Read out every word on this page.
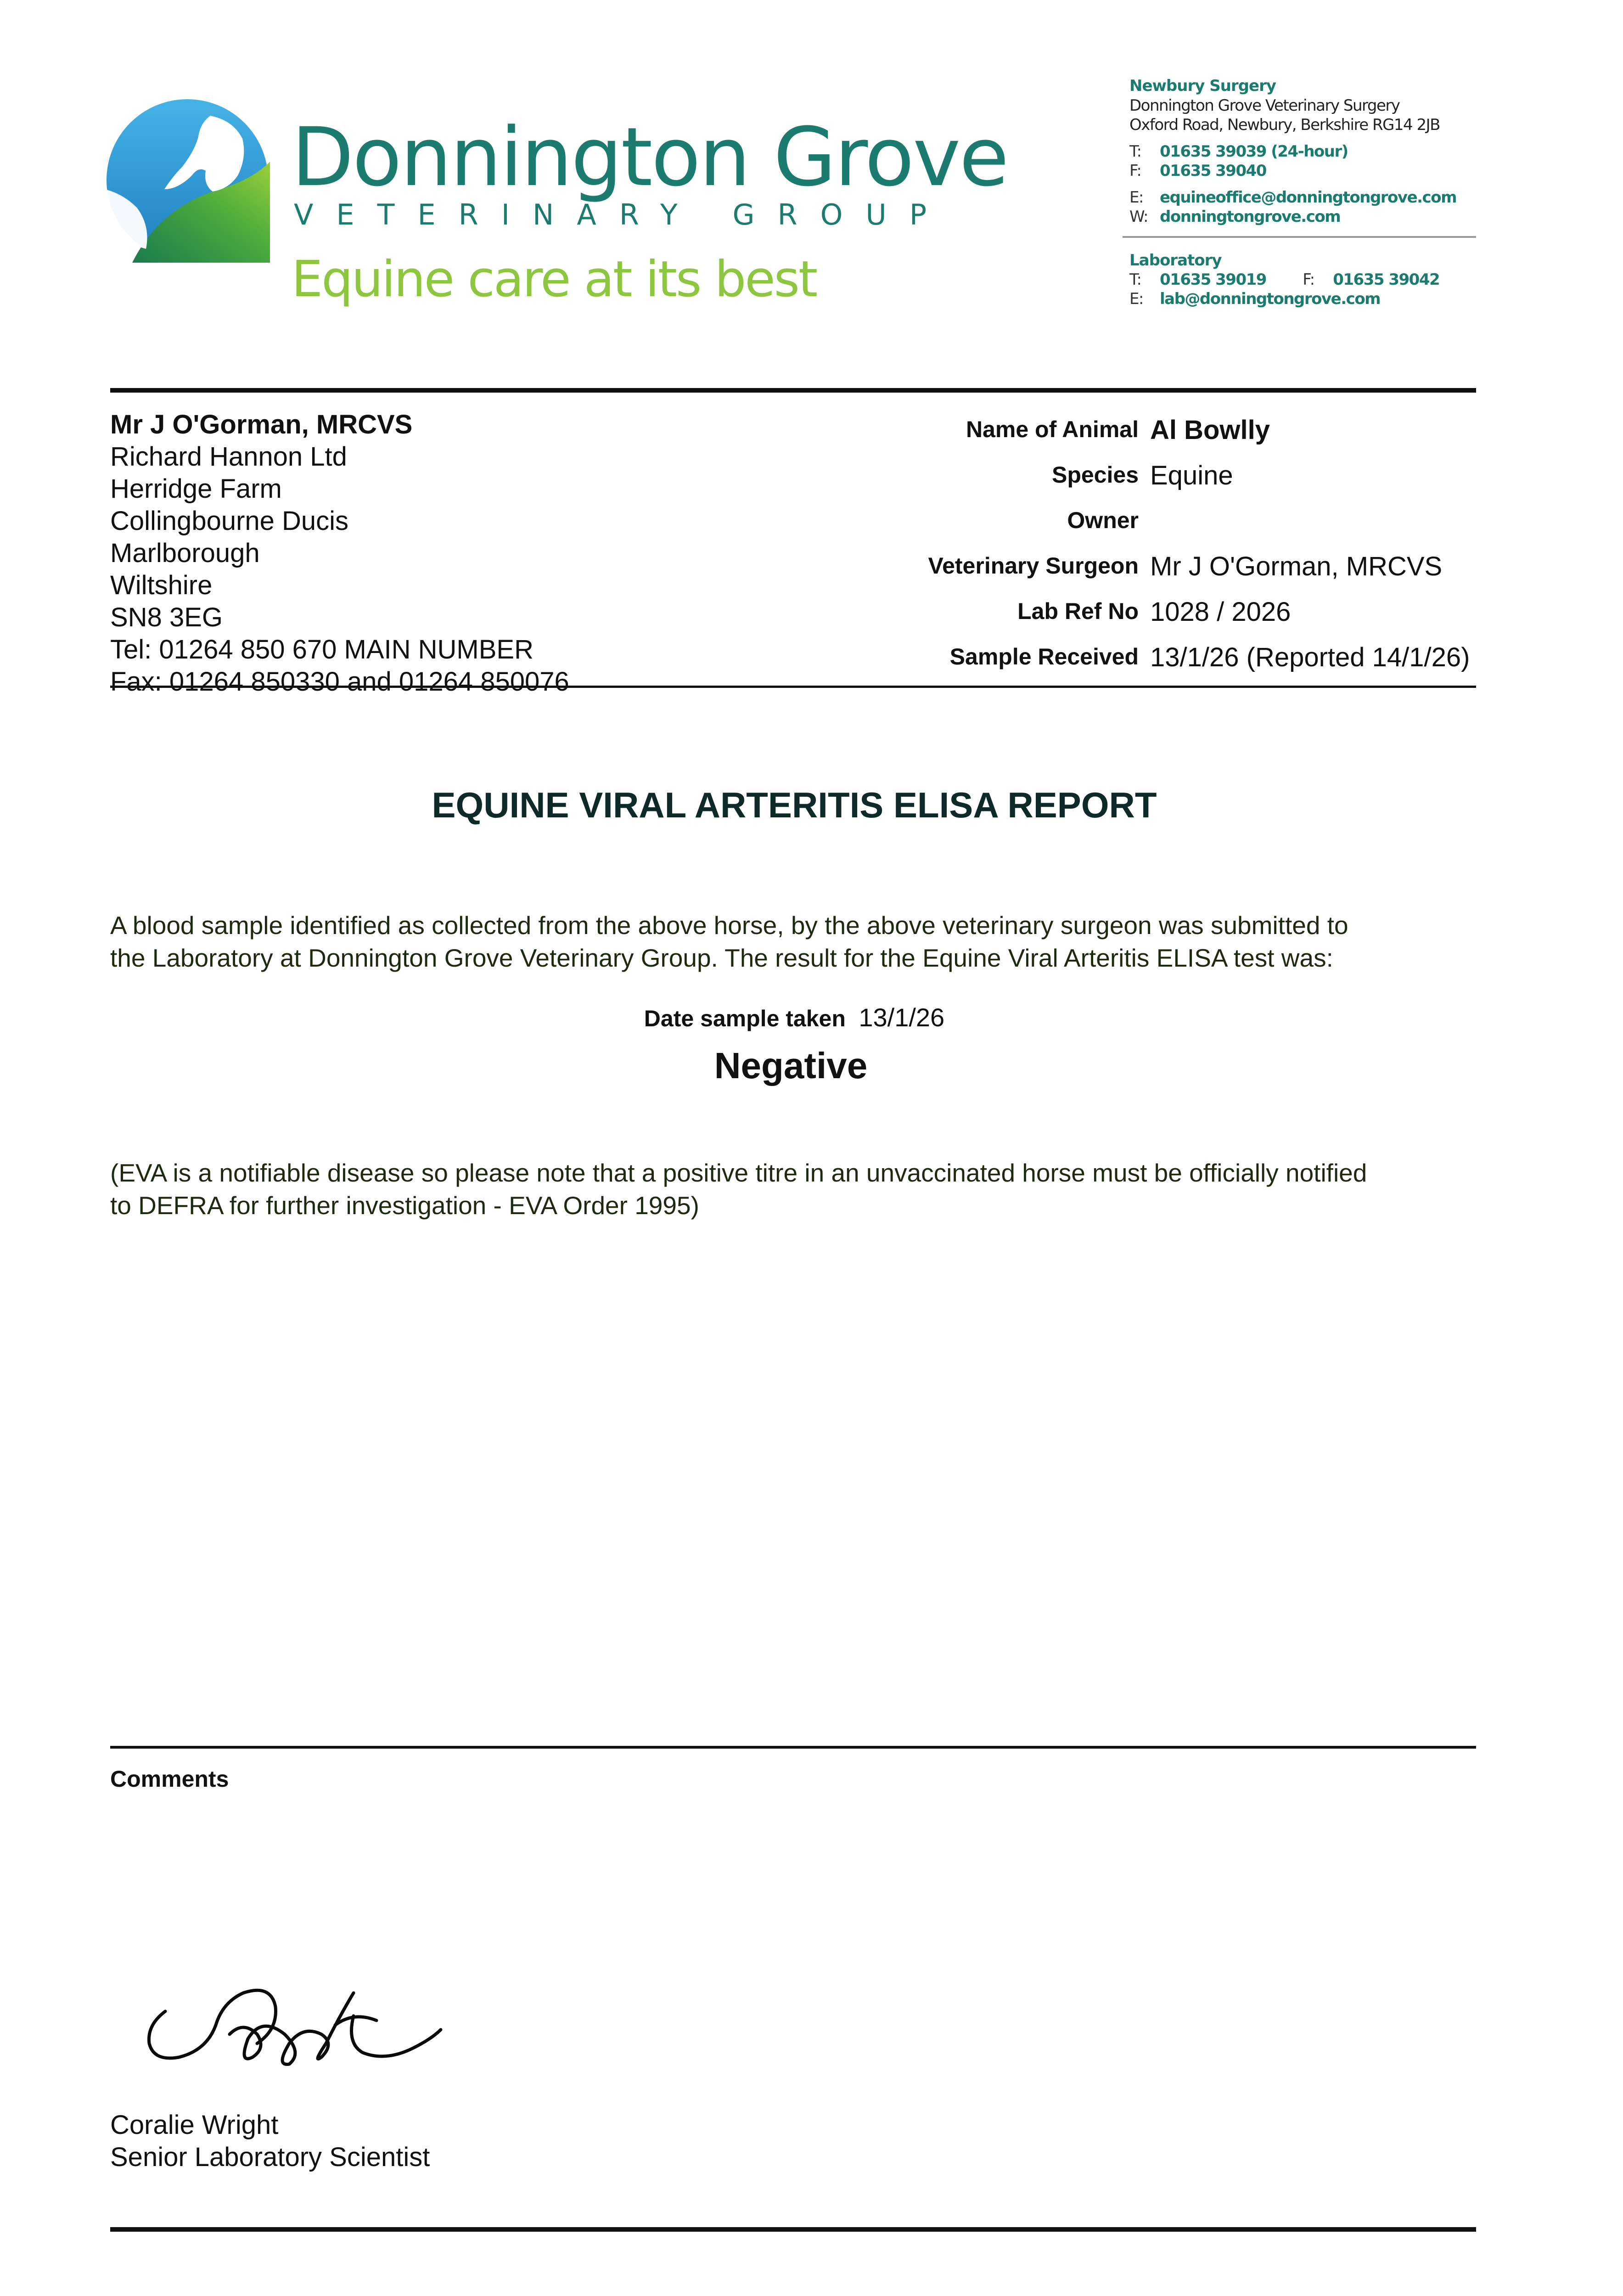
Donnington Grove
VETERINARY GROUP
Equine care at its best
Newbury Surgery
Donnington Grove Veterinary Surgery
Oxford Road, Newbury, Berkshire RG14 2JB
T: 01635 39039 (24-hour)
F: 01635 39040
E: equineoffice@donningtongrove.com
W: donningtongrove.com
Laboratory
T: 01635 39019 F: 01635 39042
E: lab@donningtongrove.com
Mr J O'Gorman, MRCVS
Richard Hannon Ltd
Herridge Farm
Collingbourne Ducis
Marlborough
Wiltshire
SN8 3EG
Tel: 01264 850 670 MAIN NUMBER
Fax: 01264 850330 and 01264 850076
Name of Animal Al Bowlly
Species Equine
Owner
Veterinary Surgeon Mr J O'Gorman, MRCVS
Lab Ref No 1028 / 2026
Sample Received 13/1/26 (Reported 14/1/26)
EQUINE VIRAL ARTERITIS ELISA REPORT
A blood sample identified as collected from the above horse, by the above veterinary surgeon was submitted to
the Laboratory at Donnington Grove Veterinary Group. The result for the Equine Viral Arteritis ELISA test was:
Date sample taken 13/1/26
Negative
(EVA is a notifiable disease so please note that a positive titre in an unvaccinated horse must be officially notified
to DEFRA for further investigation - EVA Order 1995)
Comments
Coralie Wright
Senior Laboratory Scientist
